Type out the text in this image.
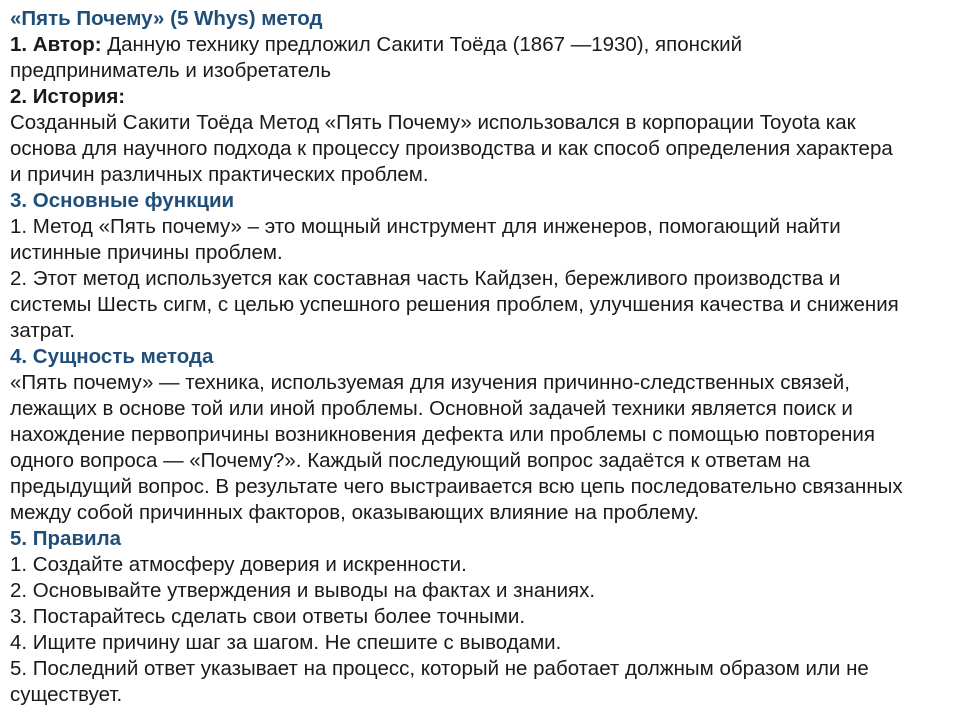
«Пять Почему» (5 Whys) метод

1. Автор: Данную технику предложил Сакити Тоёда (1867 —1930), японский

предприниматель и изобретатель

2. История:

Созданный Сакити Тоёда Метод «Пять Почему» использовался в корпорации Toyota как

основа для научного подхода к процессу производства и как способ определения характера

и причин различных практических проблем.

3. Основные функции

1. Метод «Пять почему» – это мощный инструмент для инженеров, помогающий найти

истинные причины проблем.

2. Этот метод используется как составная часть Кайдзен, бережливого производства и

системы Шесть сигм, с целью успешного решения проблем, улучшения качества и снижения

затрат.

4. Сущность метода

«Пять почему» — техника, используемая для изучения причинно-следственных связей,

лежащих в основе той или иной проблемы. Основной задачей техники является поиск и

нахождение первопричины возникновения дефекта или проблемы с помощью повторения

одного вопроса — «Почему?». Каждый последующий вопрос задаётся к ответам на

предыдущий вопрос. В результате чего выстраивается всю цепь последовательно связанных

между собой причинных факторов, оказывающих влияние на проблему.

5. Правила

1. Создайте атмосферу доверия и искренности.

2. Основывайте утверждения и выводы на фактах и знаниях.

3. Постарайтесь сделать свои ответы более точными.

4. Ищите причину шаг за шагом. Не спешите с выводами.

5. Последний ответ указывает на процесс, который не работает должным образом или не

существует.
